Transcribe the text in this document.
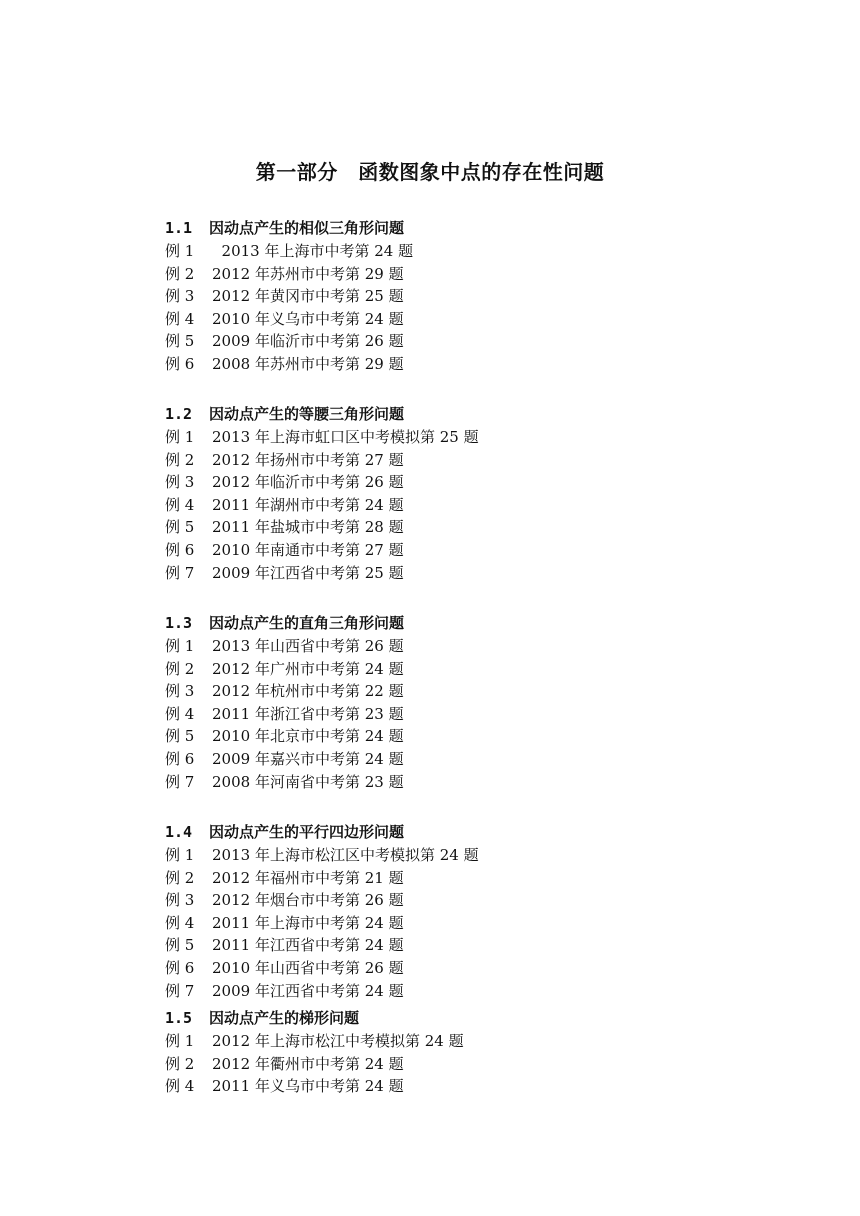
第一部分　函数图象中点的存在性问题
1.1	因动点产生的相似三角形问题
例 1	2013 年上海市中考第 24 题
例 2	2012 年苏州市中考第 29 题
例 3	2012 年黄冈市中考第 25 题
例 4	2010 年义乌市中考第 24 题
例 5	2009 年临沂市中考第 26 题
例 6	2008 年苏州市中考第 29 题
1.2	因动点产生的等腰三角形问题
例 1	2013 年上海市虹口区中考模拟第 25 题
例 2	2012 年扬州市中考第 27 题
例 3	2012 年临沂市中考第 26 题
例 4	2011 年湖州市中考第 24 题
例 5	2011 年盐城市中考第 28 题
例 6	2010 年南通市中考第 27 题
例 7	2009 年江西省中考第 25 题
1.3	因动点产生的直角三角形问题
例 1	2013 年山西省中考第 26 题
例 2	2012 年广州市中考第 24 题
例 3	2012 年杭州市中考第 22 题
例 4	2011 年浙江省中考第 23 题
例 5	2010 年北京市中考第 24 题
例 6	2009 年嘉兴市中考第 24 题
例 7	2008 年河南省中考第 23 题
1.4	因动点产生的平行四边形问题
例 1	2013 年上海市松江区中考模拟第 24 题
例 2	2012 年福州市中考第 21 题
例 3	2012 年烟台市中考第 26 题
例 4	2011 年上海市中考第 24 题
例 5	2011 年江西省中考第 24 题
例 6	2010 年山西省中考第 26 题
例 7	2009 年江西省中考第 24 题
1.5	因动点产生的梯形问题
例 1	2012 年上海市松江中考模拟第 24 题
例 2	2012 年衢州市中考第 24 题
例 4	2011 年义乌市中考第 24 题
